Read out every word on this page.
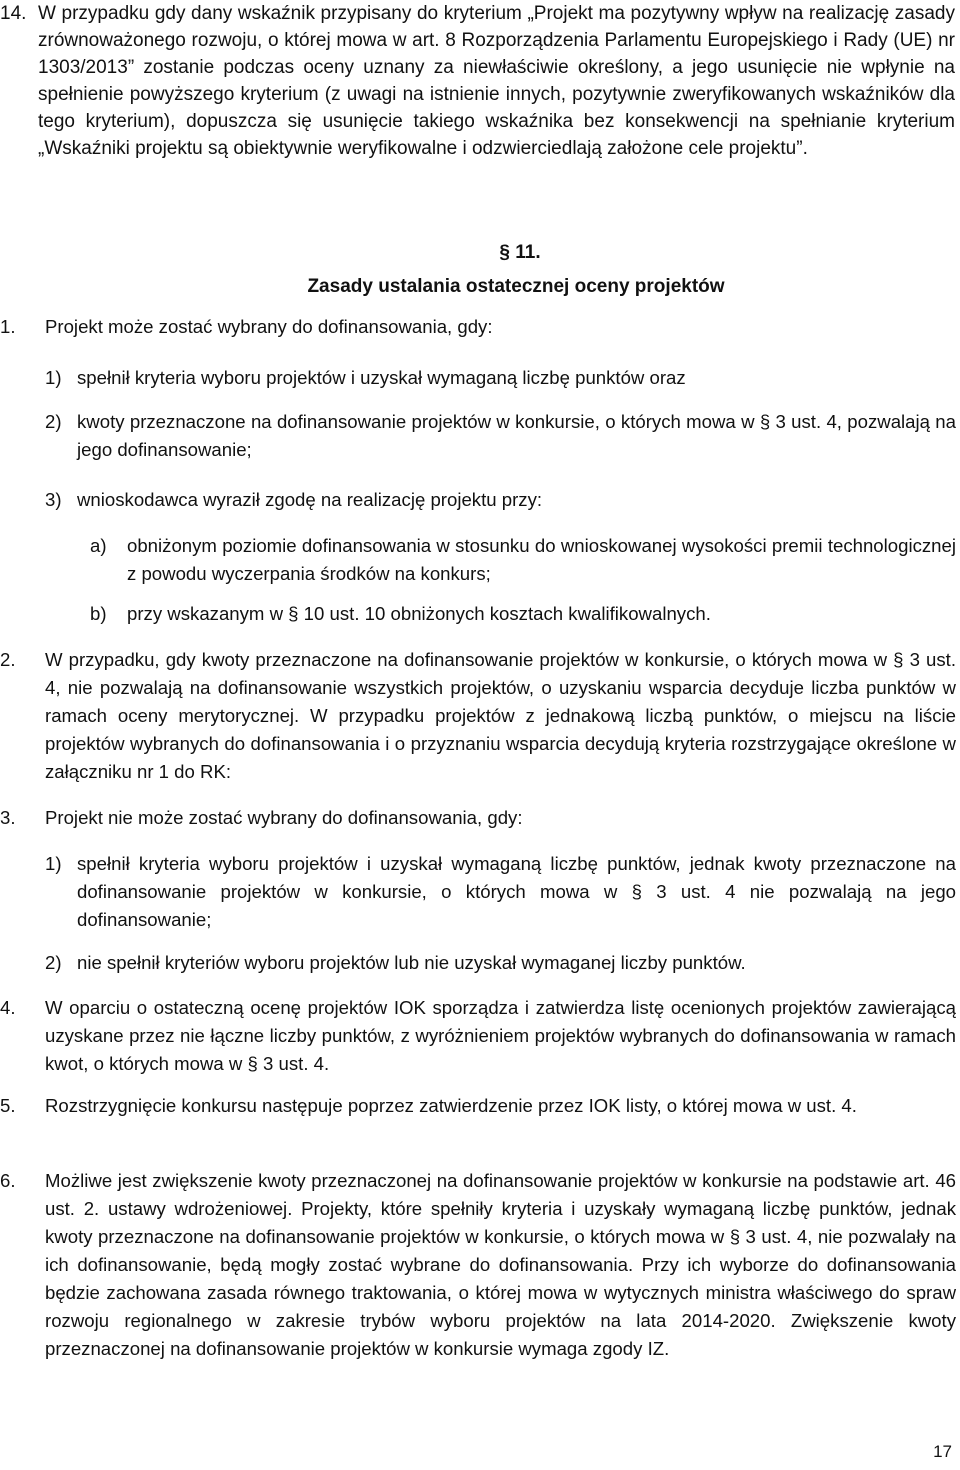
14. W przypadku gdy dany wskaźnik przypisany do kryterium „Projekt ma pozytywny wpływ na realizację zasady zrównoważonego rozwoju, o której mowa w art. 8 Rozporządzenia Parlamentu Europejskiego i Rady (UE) nr 1303/2013” zostanie podczas oceny uznany za niewłaściwie określony, a jego usunięcie nie wpłynie na spełnienie powyższego kryterium (z uwagi na istnienie innych, pozytywnie zweryfikowanych wskaźników dla tego kryterium), dopuszcza się usunięcie takiego wskaźnika bez konsekwencji na spełnianie kryterium „Wskaźniki projektu są obiektywnie weryfikowalne i odzwierciedlają założone cele projektu”.
§ 11.
Zasady ustalania ostatecznej oceny projektów
1.	Projekt może zostać wybrany do dofinansowania, gdy:
1) spełnił kryteria wyboru projektów i uzyskał wymaganą liczbę punktów oraz
2) kwoty przeznaczone na dofinansowanie projektów w konkursie, o których mowa w § 3 ust. 4, pozwalają na jego dofinansowanie;
3) wnioskodawca wyraził zgodę na realizację projektu przy:
a)	obniżonym poziomie dofinansowania w stosunku do wnioskowanej wysokości premii technologicznej z powodu wyczerpania środków na konkurs;
b)	przy wskazanym w § 10 ust. 10 obniżonych kosztach kwalifikowalnych.
2.	W przypadku, gdy kwoty przeznaczone na dofinansowanie projektów w konkursie, o których mowa w § 3 ust. 4, nie pozwalają na dofinansowanie wszystkich projektów, o uzyskaniu wsparcia decyduje liczba punktów w ramach oceny merytorycznej. W przypadku projektów z jednakową liczbą punktów, o miejscu na liście projektów wybranych do dofinansowania i o przyznaniu wsparcia decydują kryteria rozstrzygające określone w załączniku nr 1 do RK:
3.	Projekt nie może zostać wybrany do dofinansowania, gdy:
1) spełnił kryteria wyboru projektów i uzyskał wymaganą liczbę punktów, jednak kwoty przeznaczone na dofinansowanie projektów w konkursie, o których mowa w § 3 ust. 4 nie pozwalają na jego dofinansowanie;
2) nie spełnił kryteriów wyboru projektów lub nie uzyskał wymaganej liczby punktów.
4.	W oparciu o ostateczną ocenę projektów IOK sporządza i zatwierdza listę ocenionych projektów zawierającą uzyskane przez nie łączne liczby punktów, z wyróżnieniem projektów wybranych do dofinansowania w ramach kwot, o których mowa w § 3 ust. 4.
5.	Rozstrzygnięcie konkursu następuje poprzez zatwierdzenie przez IOK listy, o której mowa w ust. 4.
6.	Możliwe jest zwiększenie kwoty przeznaczonej na dofinansowanie projektów w konkursie na podstawie art. 46 ust. 2. ustawy wdrożeniowej. Projekty, które spełniły kryteria i uzyskały wymaganą liczbę punktów, jednak kwoty przeznaczone na dofinansowanie projektów w konkursie, o których mowa w § 3 ust. 4, nie pozwalały na ich dofinansowanie, będą mogły zostać wybrane do dofinansowania. Przy ich wyborze do dofinansowania będzie zachowana zasada równego traktowania, o której mowa w wytycznych ministra właściwego do spraw rozwoju regionalnego w zakresie trybów wyboru projektów na lata 2014-2020. Zwiększenie kwoty przeznaczonej na dofinansowanie projektów w konkursie wymaga zgody IZ.
17
